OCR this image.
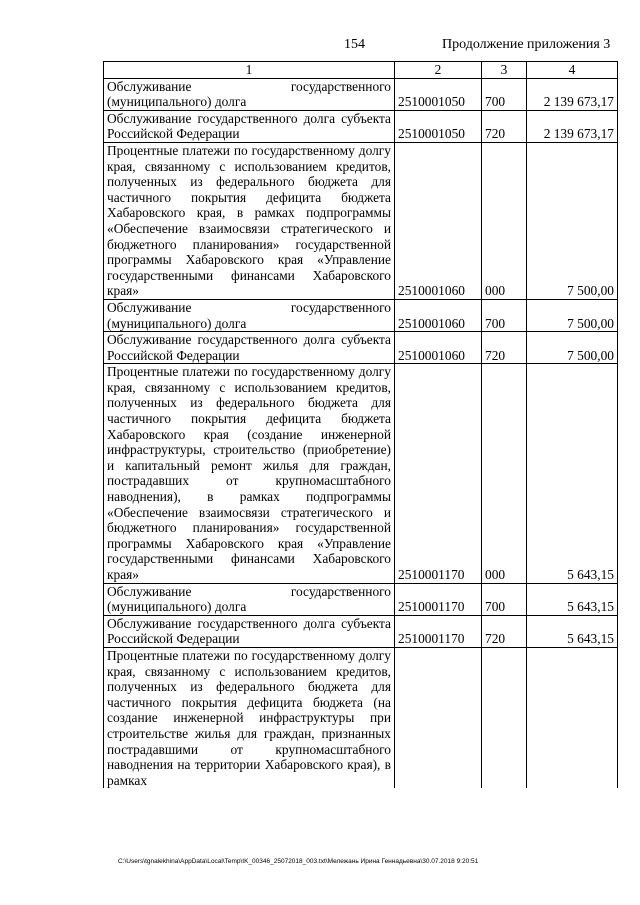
154	Продолжение приложения 3
1	2	3	4
Обслуживание государственного (муниципального) долга	2510001050	700	2 139 673,17
Обслуживание государственного долга субъекта Российской Федерации	2510001050	720	2 139 673,17
Процентные платежи по государственному долгу края, связанному с использованием кредитов, полученных из федерального бюджета для частичного покрытия дефицита бюджета Хабаровского края, в рамках подпрограммы «Обеспечение взаимосвязи стратегического и бюджетного планирования» государственной программы Хабаровского края «Управление государственными финансами Хабаровского края»	2510001060	000	7 500,00
Обслуживание государственного (муниципального) долга	2510001060	700	7 500,00
Обслуживание государственного долга субъекта Российской Федерации	2510001060	720	7 500,00
Процентные платежи по государственному долгу края, связанному с использованием кредитов, полученных из федерального бюджета для частичного покрытия дефицита бюджета Хабаровского края (создание инженерной инфраструктуры, строительство (приобретение) и капитальный ремонт жилья для граждан, пострадавших от крупномасштабного наводнения), в рамках подпрограммы «Обеспечение взаимосвязи стратегического и бюджетного планирования» государственной программы Хабаровского края «Управление государственными финансами Хабаровского края»	2510001170	000	5 643,15
Обслуживание государственного (муниципального) долга	2510001170	700	5 643,15
Обслуживание государственного долга субъекта Российской Федерации	2510001170	720	5 643,15
Процентные платежи по государственному долгу края, связанному с использованием кредитов, полученных из федерального бюджета для частичного покрытия дефицита бюджета (на создание инженерной инфраструктуры при строительстве жилья для граждан, признанных пострадавшими от крупномасштабного наводнения на территории Хабаровского края), в рамках			
C:\Users\tgnalekhina\AppData\Local\Temp\IK_00346_25072018_003.txt\Мележань Ирина Геннадьевна\30.07.2018 9:20:51
